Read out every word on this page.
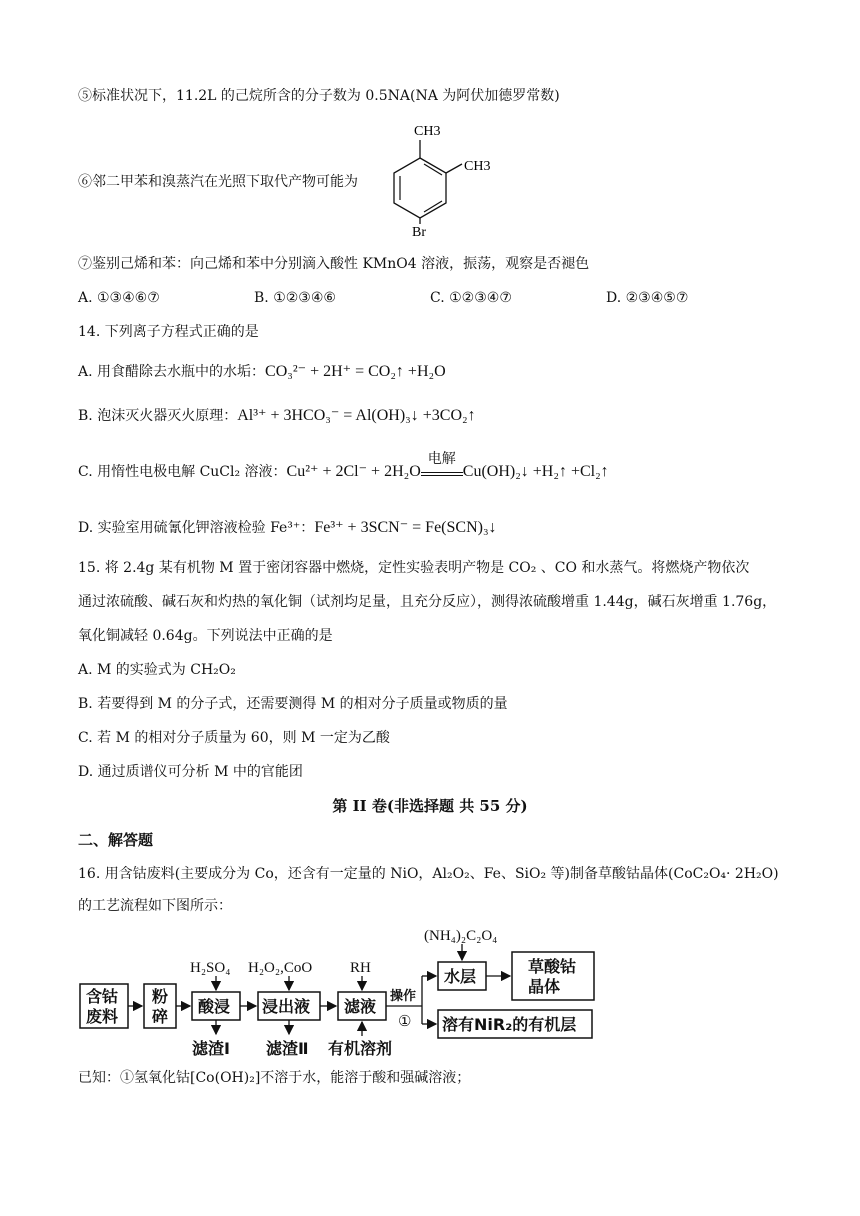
⑤标准状况下，11.2L 的己烷所含的分子数为 0.5NA(NA 为阿伏加德罗常数)
⑥邻二甲苯和溴蒸汽在光照下取代产物可能为
CH3
CH3
Br
⑦鉴别己烯和苯：向己烯和苯中分别滴入酸性 KMnO4 溶液，振荡，观察是否褪色
A. ①③④⑥⑦	B. ①②③④⑥	C. ①②③④⑦	D. ②③④⑤⑦
14. 下列离子方程式正确的是
A. 用食醋除去水瓶中的水垢：CO₃²⁻ + 2H⁺ = CO₂↑ +H₂O
B. 泡沫灭火器灭火原理：Al³⁺ + 3HCO₃⁻ = Al(OH)₃↓ +3CO₂↑
C. 用惰性电极电解 CuCl₂ 溶液：Cu²⁺ + 2Cl⁻ + 2H₂O
电解
Cu(OH)₂↓ +H₂↑ +Cl₂↑
D. 实验室用硫氰化钾溶液检验 Fe³⁺：Fe³⁺ + 3SCN⁻ = Fe(SCN)₃↓
15. 将 2.4g 某有机物 M 置于密闭容器中燃烧，定性实验表明产物是 CO₂ 、CO 和水蒸气。将燃烧产物依次
通过浓硫酸、碱石灰和灼热的氧化铜（试剂均足量，且充分反应），测得浓硫酸增重 1.44g，碱石灰增重 1.76g，
氧化铜减轻 0.64g。下列说法中正确的是
A. M 的实验式为 CH₂O₂
B. 若要得到 M 的分子式，还需要测得 M 的相对分子质量或物质的量
C. 若 M 的相对分子质量为 60，则 M 一定为乙酸
D. 通过质谱仪可分析 M 中的官能团
第 II 卷(非选择题 共 55 分)
二、解答题
16. 用含钴废料(主要成分为 Co，还含有一定量的 NiO，Al₂O₂、Fe、SiO₂ 等)制备草酸钴晶体(CoC₂O₄· 2H₂O)
的工艺流程如下图所示：
含钴
废料
粉
碎
酸浸 浸出液 滤液
水层
草酸钴
晶体
溶有NiR₂的有机层
操作
①
H₂SO₄ H₂O₂,CoO	RH
(NH₄)₂C₂O₄
滤渣Ⅰ 滤渣Ⅱ 有机溶剂
已知：①氢氧化钴[Co(OH)₂]不溶于水，能溶于酸和强碱溶液；
